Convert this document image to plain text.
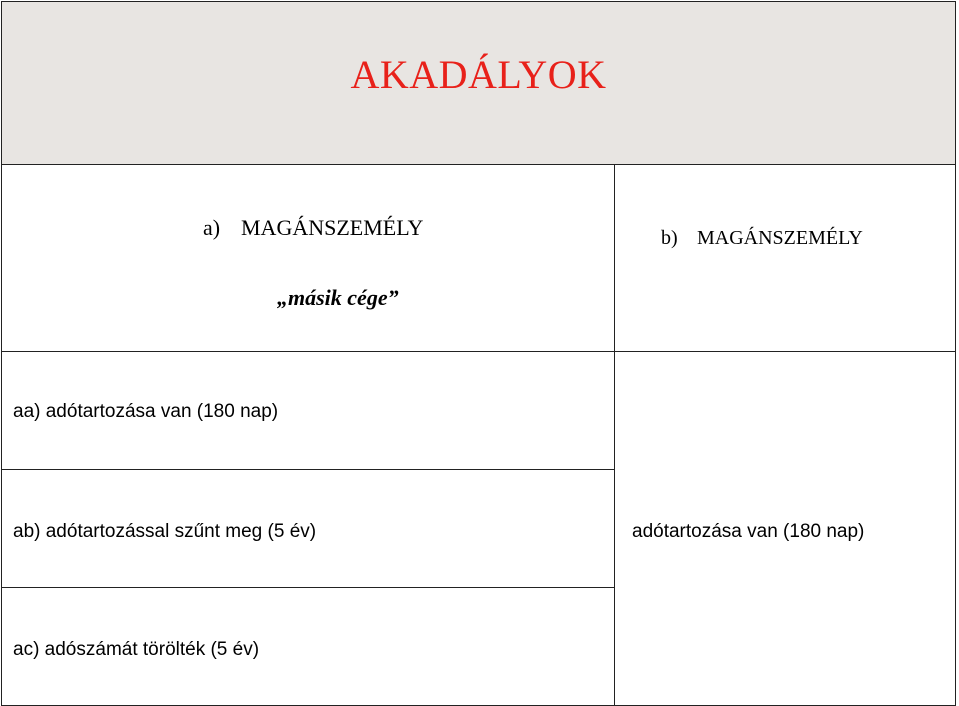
AKADÁLYOK
a) MAGÁNSZEMÉLY
„másik cége”
b) MAGÁNSZEMÉLY
aa) adótartozása van (180 nap)
ab) adótartozással szűnt meg (5 év)
ac) adószámát törölték (5 év)
adótartozása van (180 nap)
